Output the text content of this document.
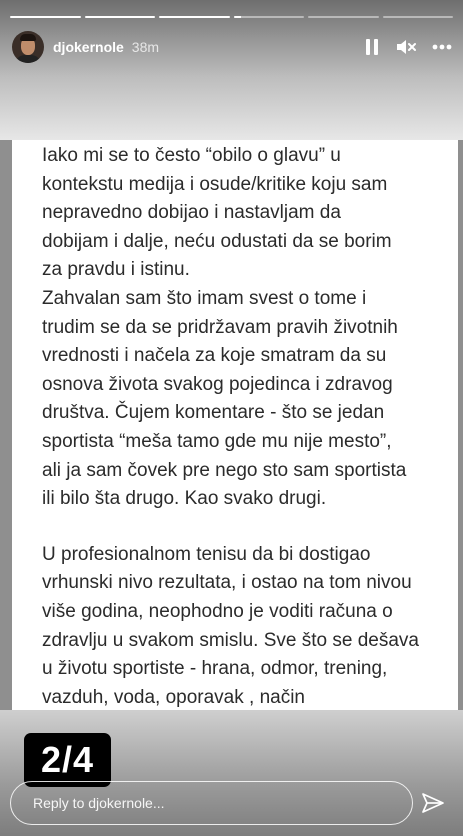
djokernole 38m

Iako mi se to često “obilo o glavu” u

kontekstu medija i osude/kritike koju sam

nepravedno dobijao i nastavljam da

dobijam i dalje, neću odustati da se borim

za pravdu i istinu.

Zahvalan sam što imam svest o tome i

trudim se da se pridržavam pravih životnih

vrednosti i načela za koje smatram da su

osnova života svakog pojedinca i zdravog

društva. Čujem komentare - što se jedan

sportista “meša tamo gde mu nije mesto”,

ali ja sam čovek pre nego sto sam sportista

ili bilo šta drugo. Kao svako drugi.

U profesionalnom tenisu da bi dostigao

vrhunski nivo rezultata, i ostao na tom nivou

više godina, neophodno je voditi računa o

zdravlju u svakom smislu. Sve što se dešava

u životu sportiste - hrana, odmor, trening,

vazduh, voda, oporavak , način

2/4
Reply to djokernole...
